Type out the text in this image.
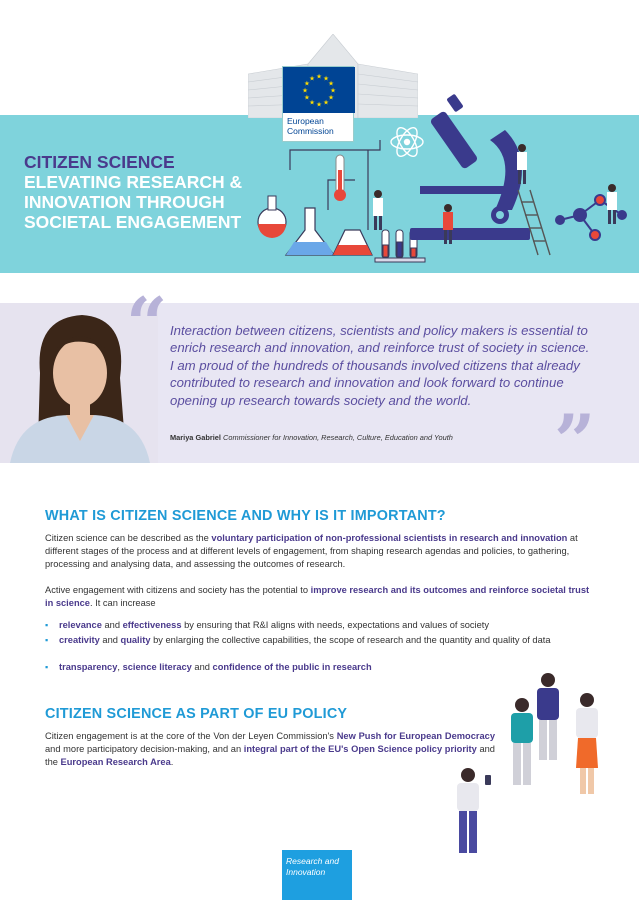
★
★
★
★
★
★
★
★
★ ★ ★
★
European
Commission
CITIZEN SCIENCE
ELEVATING RESEARCH &
INNOVATION THROUGH
SOCIETAL ENGAGEMENT
“
”

Interaction between citizens, scientists and policy makers is essential to enrich research and innovation, and reinforce trust of society in science. I am proud of the hundreds of thousands involved citizens that already contributed to research and innovation and look forward to continue opening up research towards society and the world.

Mariya Gabriel Commissioner for Innovation, Research, Culture, Education and Youth

WHAT IS CITIZEN SCIENCE AND WHY IS IT IMPORTANT?

Citizen science can be described as the voluntary participation of non-professional scientists in research and innovation at different stages of the process and at different levels of engagement, from shaping research agendas and policies, to gathering, processing and analysing data, and assessing the outcomes of research.

Active engagement with citizens and society has the potential to improve research and its outcomes and reinforce societal trust in science. It can increase

▪ relevance and effectiveness by ensuring that R&I aligns with needs, expectations and values of society

▪ creativity and quality by enlarging the collective capabilities, the scope of research and the quantity and quality of data

▪ transparency, science literacy and confidence of the public in research

CITIZEN SCIENCE AS PART OF EU POLICY

Citizen engagement is at the core of the Von der Leyen Commission's New Push for European Democracy and more participatory decision-making, and an integral part of the EU's Open Science policy priority and the European Research Area.

Research and
Innovation
